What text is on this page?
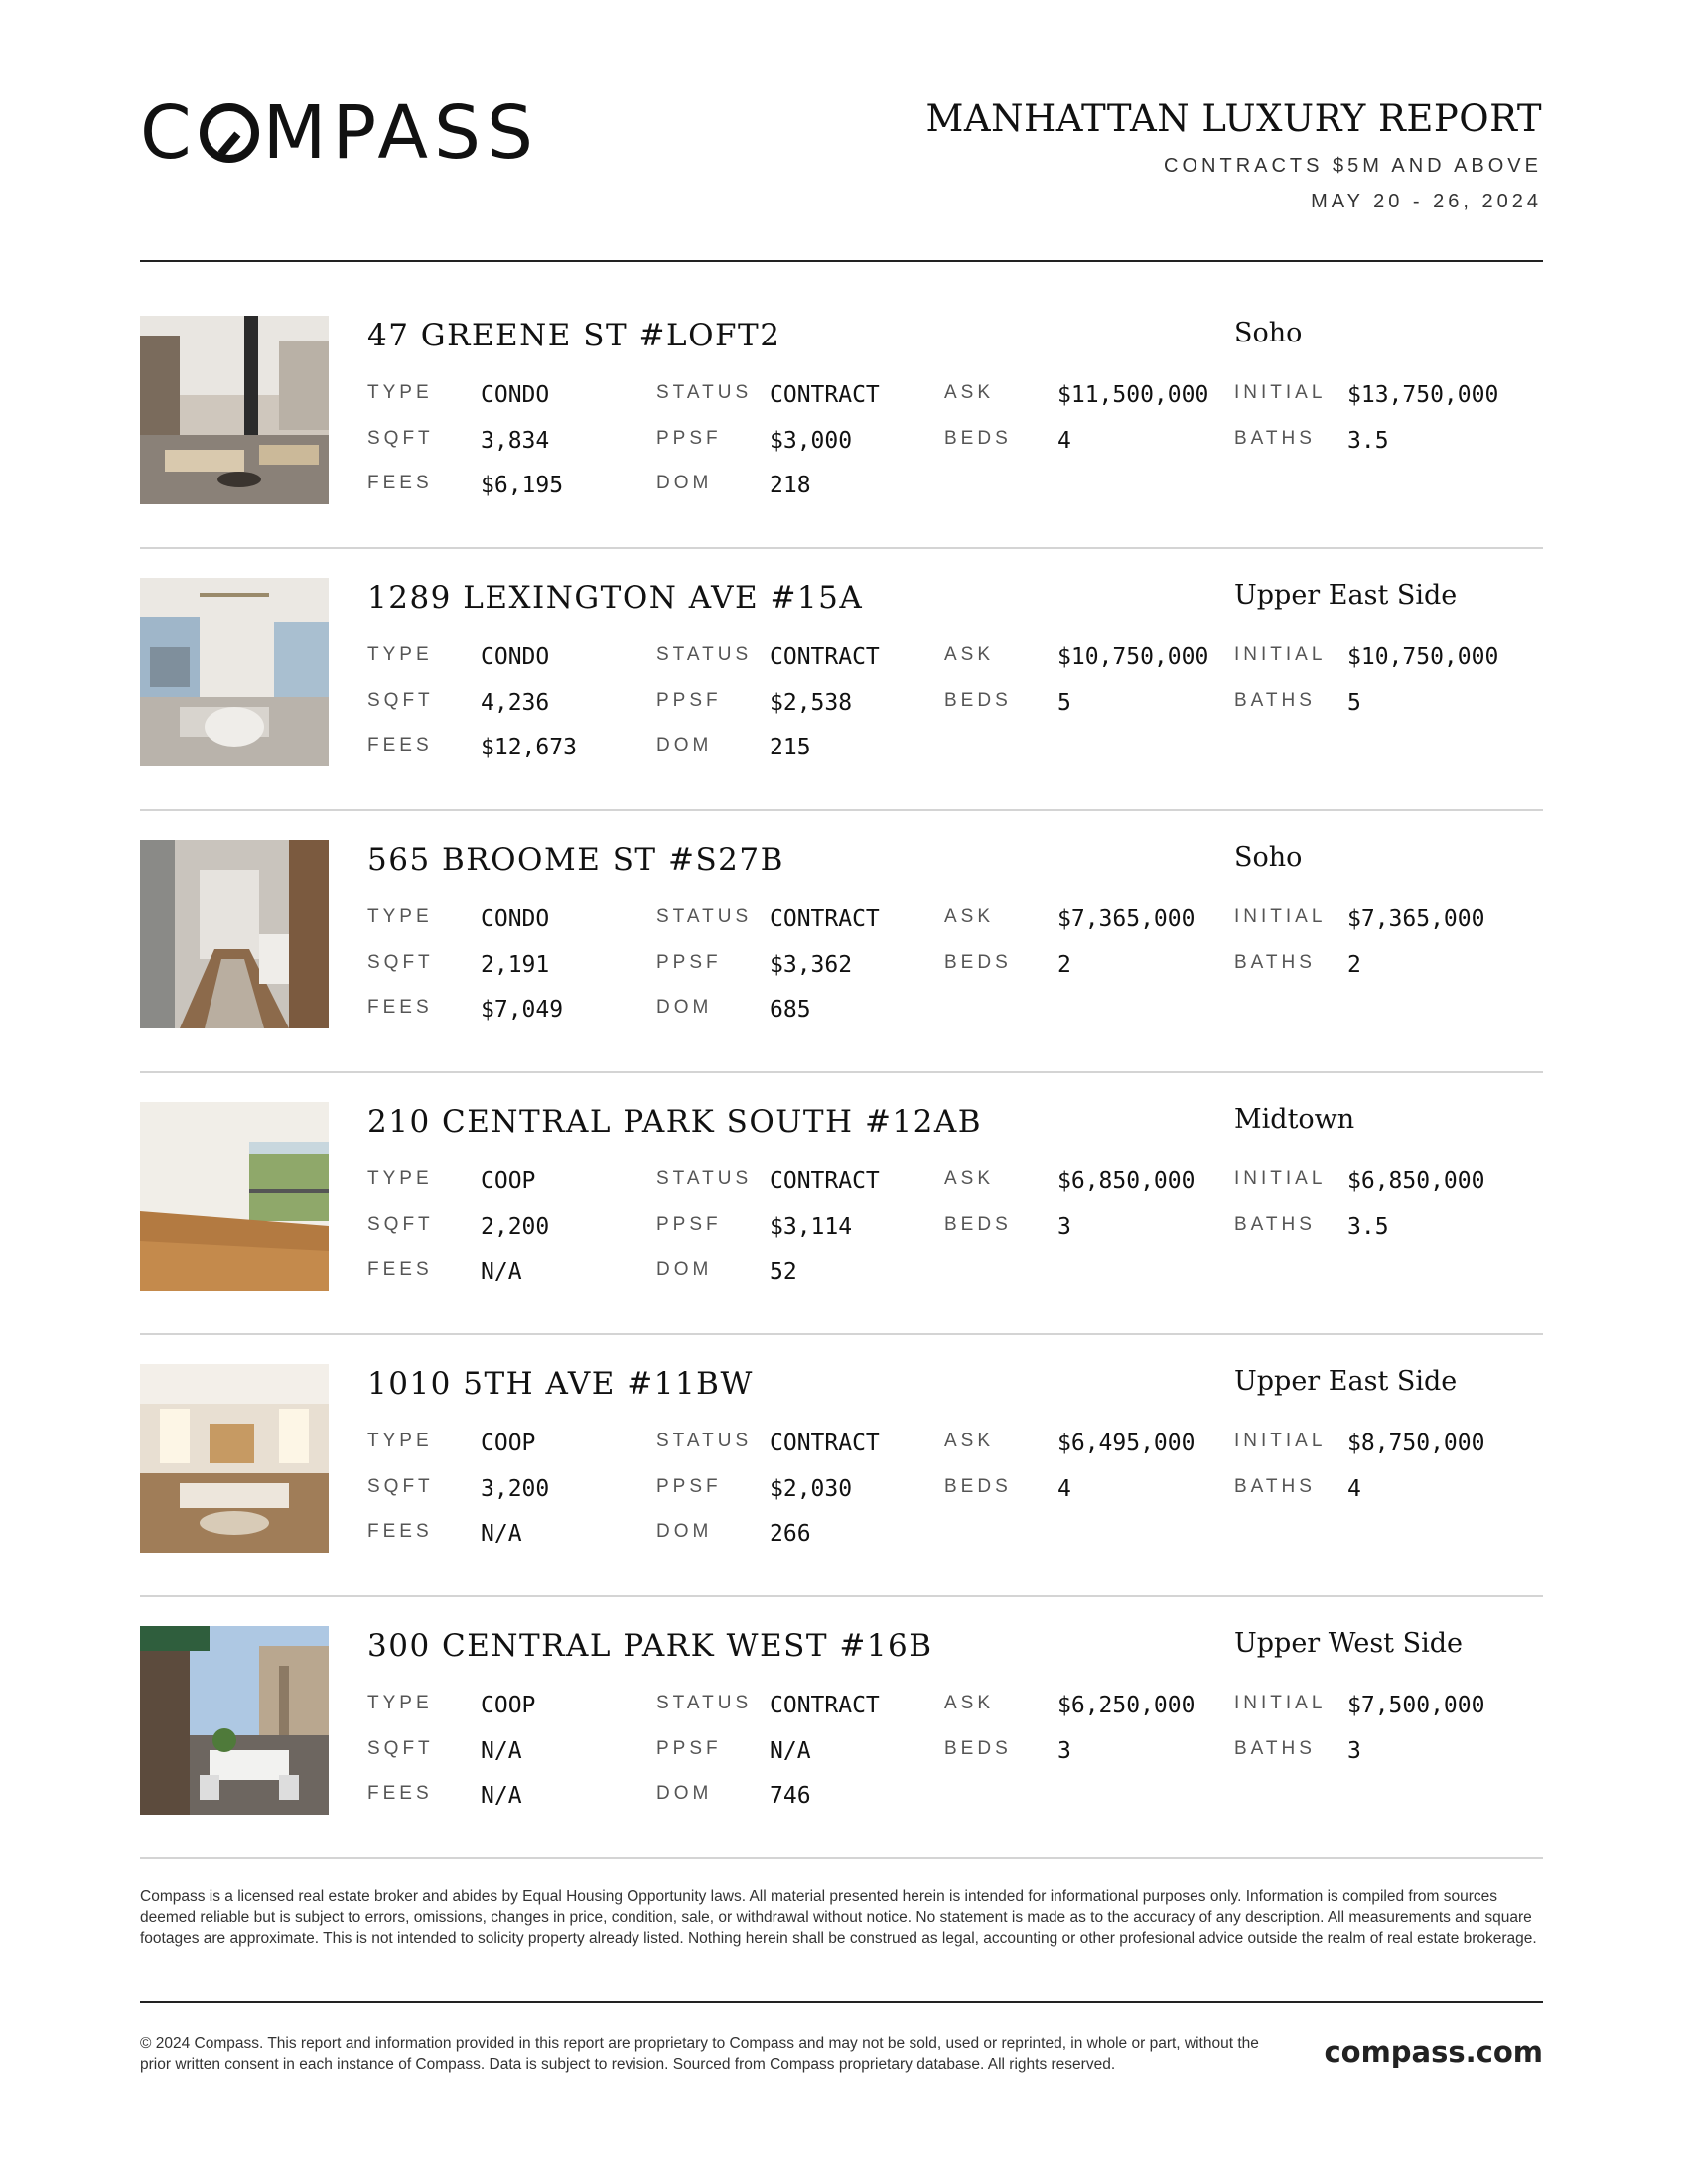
C MPASS	MANHATTAN LUXURY REPORT
CONTRACTS $5M AND ABOVE
MAY 20 - 26, 2024
47 GREENE ST #LOFT2	Soho
TYPE CONDO	STATUS CONTRACT	ASK	$11,500,000 INITIAL $13,750,000
SQFT 3,834	PPSF $3,000	BEDS 4	BATHS 3.5
FEES $6,195	DOM	218
1289 LEXINGTON AVE #15A	Upper East Side
TYPE CONDO	STATUS CONTRACT	ASK	$10,750,000 INITIAL $10,750,000
SQFT 4,236	PPSF $2,538	BEDS 5	BATHS 5
FEES $12,673	DOM	215
565 BROOME ST #S27B	Soho
TYPE CONDO	STATUS CONTRACT	ASK	$7,365,000 INITIAL $7,365,000
SQFT 2,191	PPSF $3,362	BEDS 2	BATHS 2
FEES $7,049	DOM	685
210 CENTRAL PARK SOUTH #12AB	Midtown
TYPE COOP	STATUS CONTRACT	ASK	$6,850,000 INITIAL $6,850,000
SQFT 2,200	PPSF $3,114	BEDS 3	BATHS 3.5
FEES N/A	DOM	52
1010 5TH AVE #11BW	Upper East Side
TYPE COOP	STATUS CONTRACT	ASK	$6,495,000 INITIAL $8,750,000
SQFT 3,200	PPSF $2,030	BEDS 4	BATHS 4
FEES N/A	DOM	266
300 CENTRAL PARK WEST #16B	Upper West Side
TYPE COOP	STATUS CONTRACT	ASK	$6,250,000 INITIAL $7,500,000
SQFT N/A	PPSF N/A	BEDS 3	BATHS 3
FEES N/A	DOM	746
Compass is a licensed real estate broker and abides by Equal Housing Opportunity laws. All material presented herein is intended for informational purposes only. Information is compiled from sources deemed reliable but is subject to errors, omissions, changes in price, condition, sale, or withdrawal without notice. No statement is made as to the accuracy of any description. All measurements and square footages are approximate. This is not intended to solicity property already listed. Nothing herein shall be construed as legal, accounting or other profesional advice outside the realm of real estate brokerage.
© 2024 Compass. This report and information provided in this report are proprietary to Compass and may not be sold, used or reprinted, in whole or part, without the prior written consent in each instance of Compass. Data is subject to revision. Sourced from Compass proprietary database. All rights reserved.	compass.com
